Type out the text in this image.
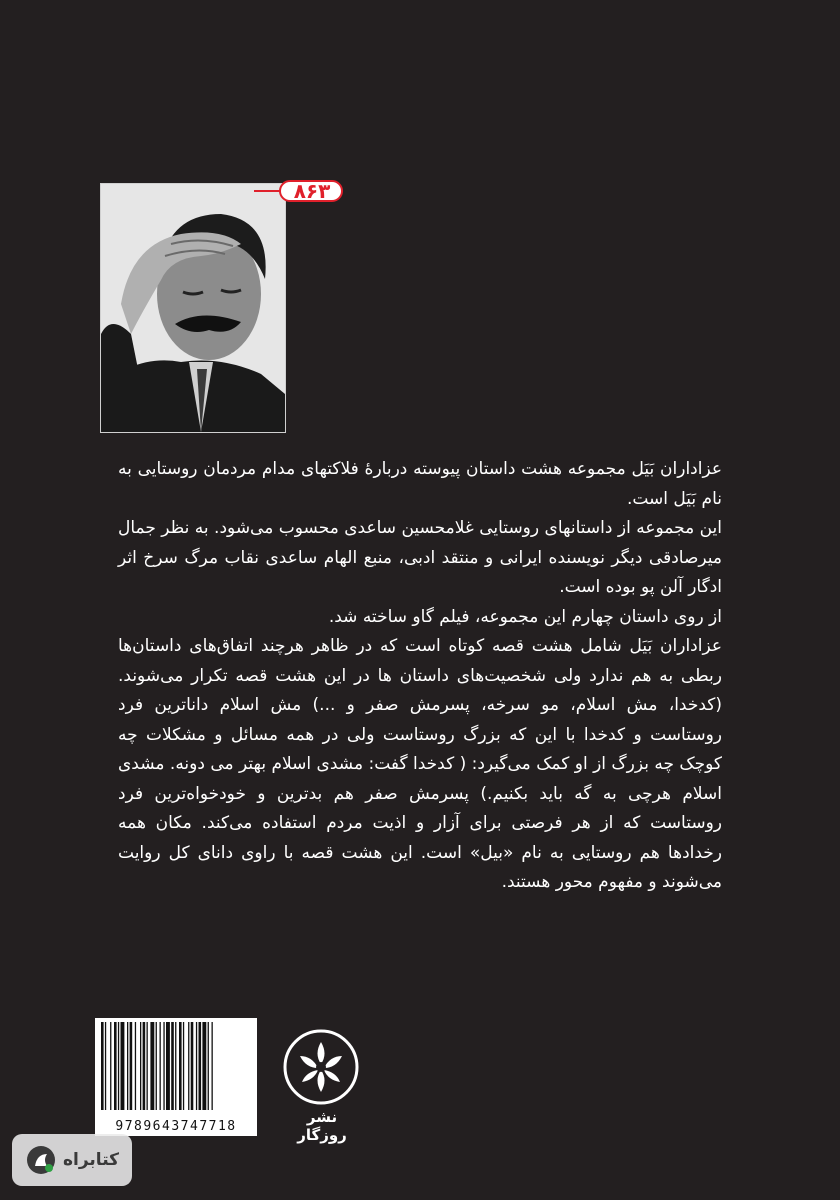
۸۶۳

عزاداران بَیَل مجموعه هشت داستان پیوسته دربارهٔ فلاکتهای مدام مردمان روستایی به نام بَیَل است.

این مجموعه از داستانهای روستایی غلامحسین ساعدی محسوب می‌شود. به نظر جمال میرصادقی دیگر نویسنده ایرانی و منتقد ادبی، منبع الهام ساعدی نقاب مرگ سرخ اثر ادگار آلن پو بوده است.

از روی داستان چهارم این مجموعه، فیلم گاو ساخته شد.

عزاداران بَیَل شامل هشت قصه کوتاه است که در ظاهر هرچند اتفاق‌های داستان‌ها ربطی به هم ندارد ولی شخصیت‌های داستان ها در این هشت قصه تکرار می‌شوند. (کدخدا، مش اسلام، مو سرخه، پسرمش صفر و ...) مش اسلام داناترین فرد روستاست و کدخدا با این که بزرگ روستاست ولی در همه مسائل و مشکلات چه کوچک چه بزرگ از او کمک می‌گیرد: ( کدخدا گفت: مشدی اسلام بهتر می دونه. مشدی اسلام هرچی به گه باید بکنیم.) پسرمش صفر هم بدترین و خودخواه‌ترین فرد روستاست که از هر فرصتی برای آزار و اذیت مردم استفاده می‌کند. مکان همه رخدادها هم روستایی به نام «بیل» است. این هشت قصه با راوی دانای کل روایت می‌شوند و مفهوم محور هستند.

9789643747718
نشر روزگار
کتابراه
